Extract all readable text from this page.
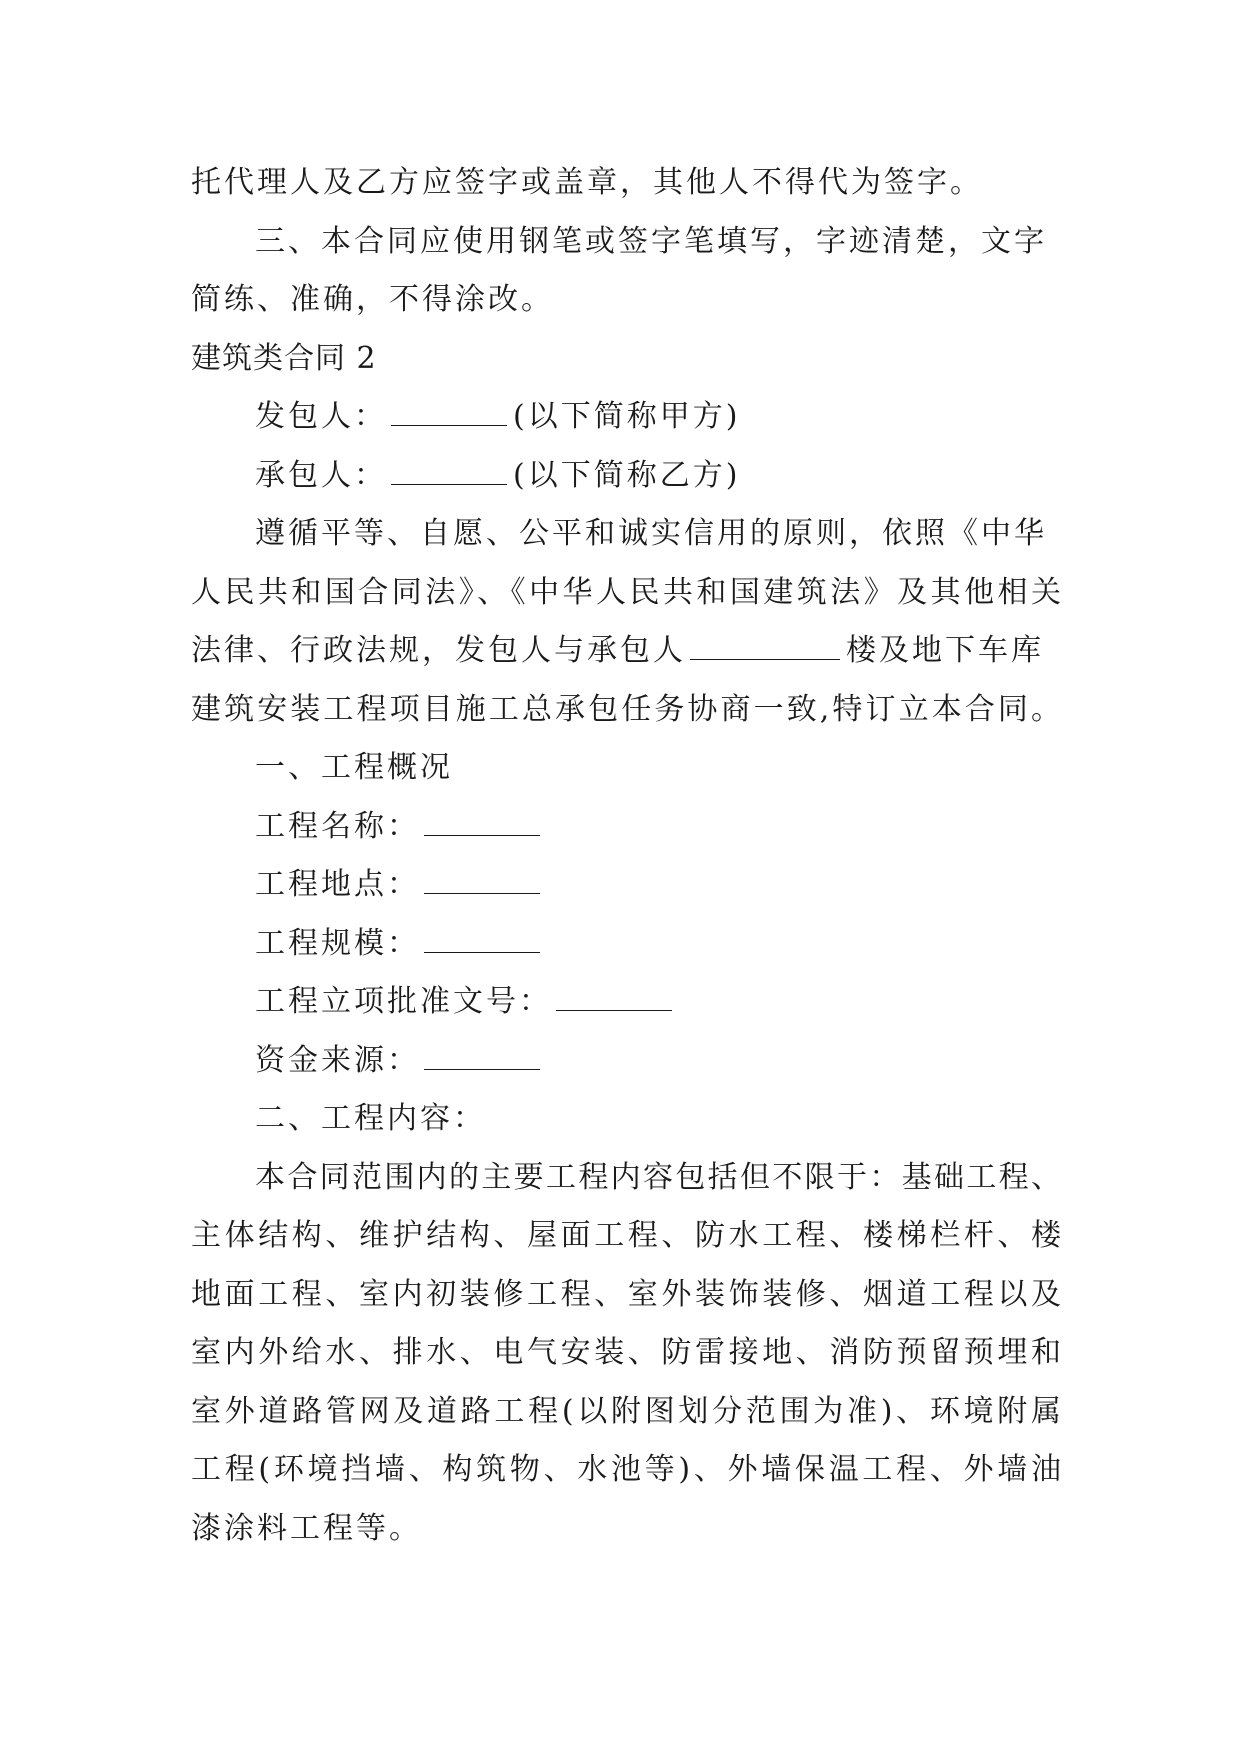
托代理人及乙方应签字或盖章，其他人不得代为签字。
三、本合同应使用钢笔或签字笔填写，字迹清楚，文字
简练、准确，不得涂改。
建筑类合同 2
发包人：	(以下简称甲方)
承包人：	(以下简称乙方)
遵循平等、自愿、公平和诚实信用的原则，依照《中华
人民共和国合同法》、《中华人民共和国建筑法》及其他相关
法律、行政法规，发包人与承包人	楼及地下车库
建筑安装工程项目施工总承包任务协商一致,特订立本合同。
一、工程概况
工程名称：
工程地点：
工程规模：
工程立项批准文号：
资金来源：
二、工程内容：
本合同范围内的主要工程内容包括但不限于：基础工程、
主体结构、维护结构、屋面工程、防水工程、楼梯栏杆、楼
地面工程、室内初装修工程、室外装饰装修、烟道工程以及
室内外给水、排水、电气安装、防雷接地、消防预留预埋和
室外道路管网及道路工程(以附图划分范围为准)、环境附属
工程(环境挡墙、构筑物、水池等)、外墙保温工程、外墙油
漆涂料工程等。
